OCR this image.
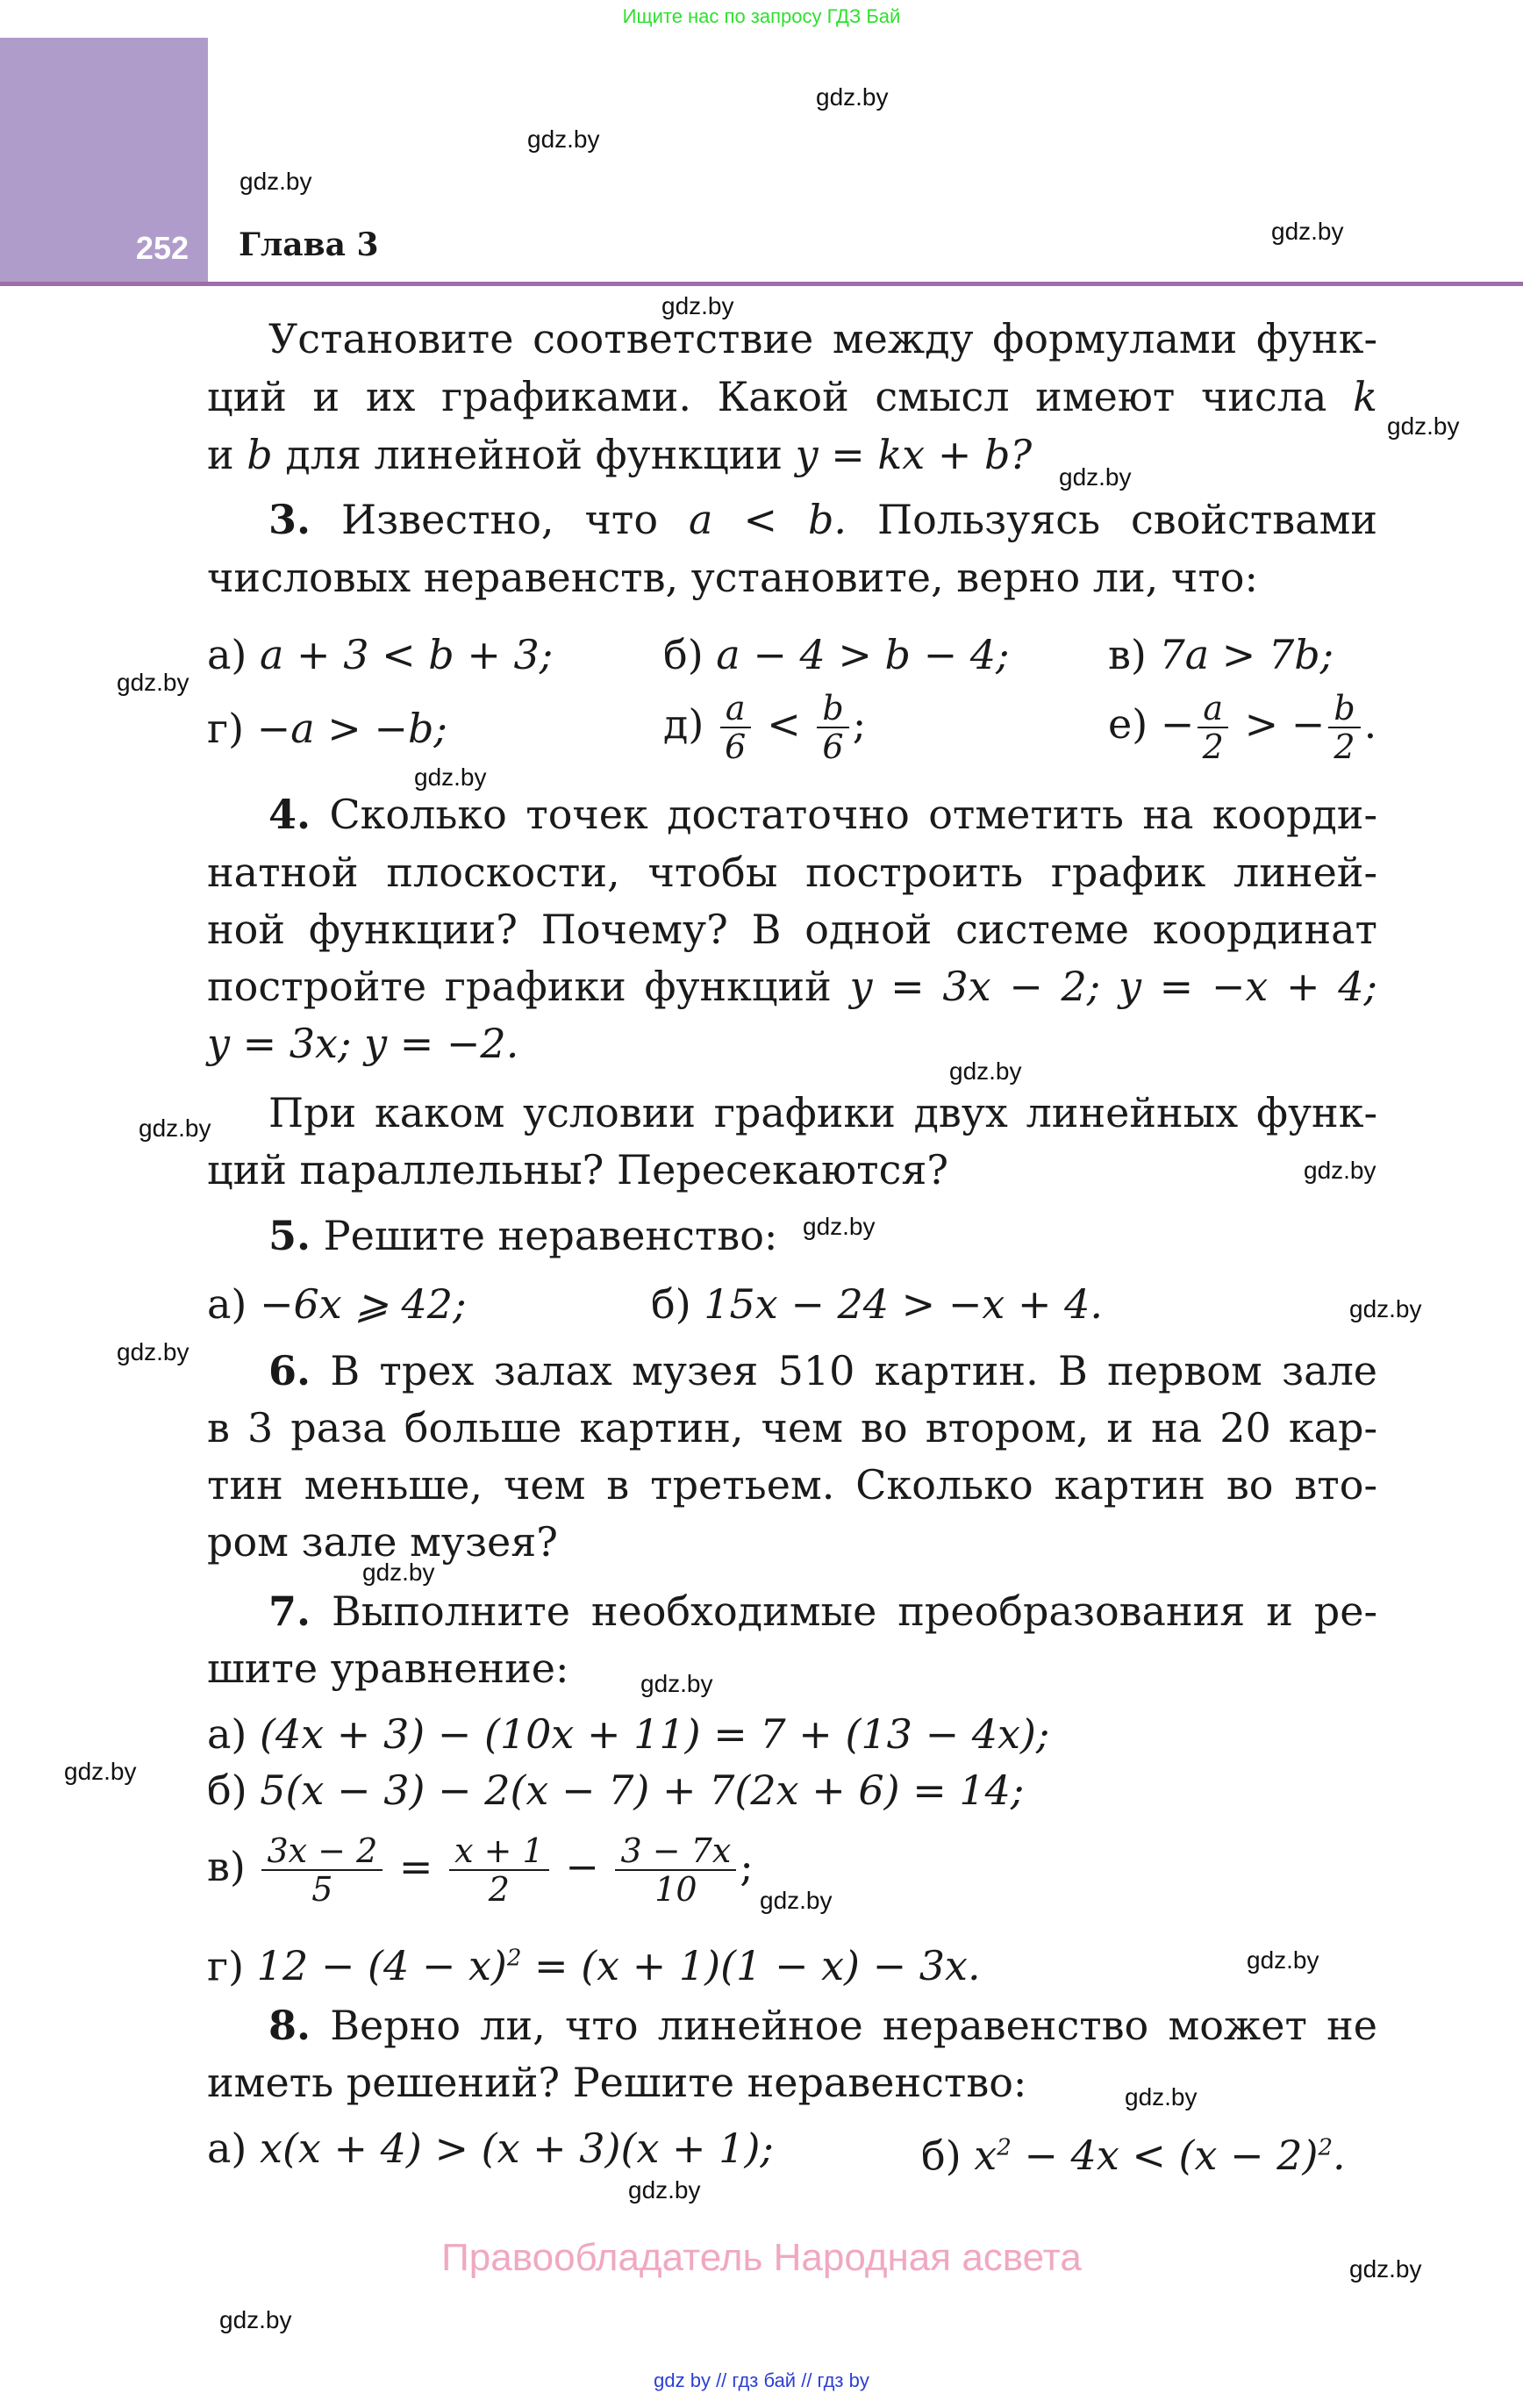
Ищите нас по запросу ГДЗ Бай
252 Глава 3
gdz.by
gdz.by
gdz.by
gdz.by
gdz.by
gdz.by
gdz.by
gdz.by
gdz.by
gdz.by
gdz.by
gdz.by
gdz.by
gdz.by
gdz.by
gdz.by
gdz.by
gdz.by
gdz.by
gdz.by
gdz.by
gdz.by
gdz.by
gdz.by
Установите соответствие между формулами функ-
ций и их графиками. Какой смысл имеют числа k
и b для линейной функции y = kx + b?
3. Известно, что a < b. Пользуясь свойствами
числовых неравенств, установите, верно ли, что:
а) a + 3 < b + 3;	б) a − 4 > b − 4; в) 7a > 7b;
г) −a > −b;	$д) \frac{a}{6} < \frac{b}{6}$ ;	$е) - \frac{a}{2}$ > − $\frac{b}{2}$ .
4. Сколько точек достаточно отметить на коорди-
натной плоскости, чтобы построить график линей-
ной функции? Почему? В одной системе координат
постройте графики функций y = 3x − 2; y = −x + 4;
y = 3x; y = −2.
При каком условии графики двух линейных функ-
ций параллельны? Пересекаются?
5. Решите неравенство:
а) −6x ⩾ 42;	б) 15x − 24 > −x + 4.
6. В трех залах музея 510 картин. В первом зале
в 3 раза больше картин, чем во втором, и на 20 кар-
тин меньше, чем в третьем. Сколько картин во вто-
ром зале музея?
7. Выполните необходимые преобразования и ре-
шите уравнение:
а) (4x + 3) − (10x + 11) = 7 + (13 − 4x);
б) 5(x − 3) − 2(x − 7) + 7(2x + 6) = 14;
$в) \frac{3x - 2}{5} = \frac{x + 1}{2} - \frac{3 - 7x}{10}$ ;
г) $12 - (4 - x)^2 = (x + 1)(1 - x) - 3x$.
8. Верно ли, что линейное неравенство может не
иметь решений? Решите неравенство:
а) x(x + 4) > (x + 3)(x + 1);	б) $x^2 - 4x < (x - 2)^2$.
Правообладатель Народная асвета
gdz by // гдз бай // гдз by
